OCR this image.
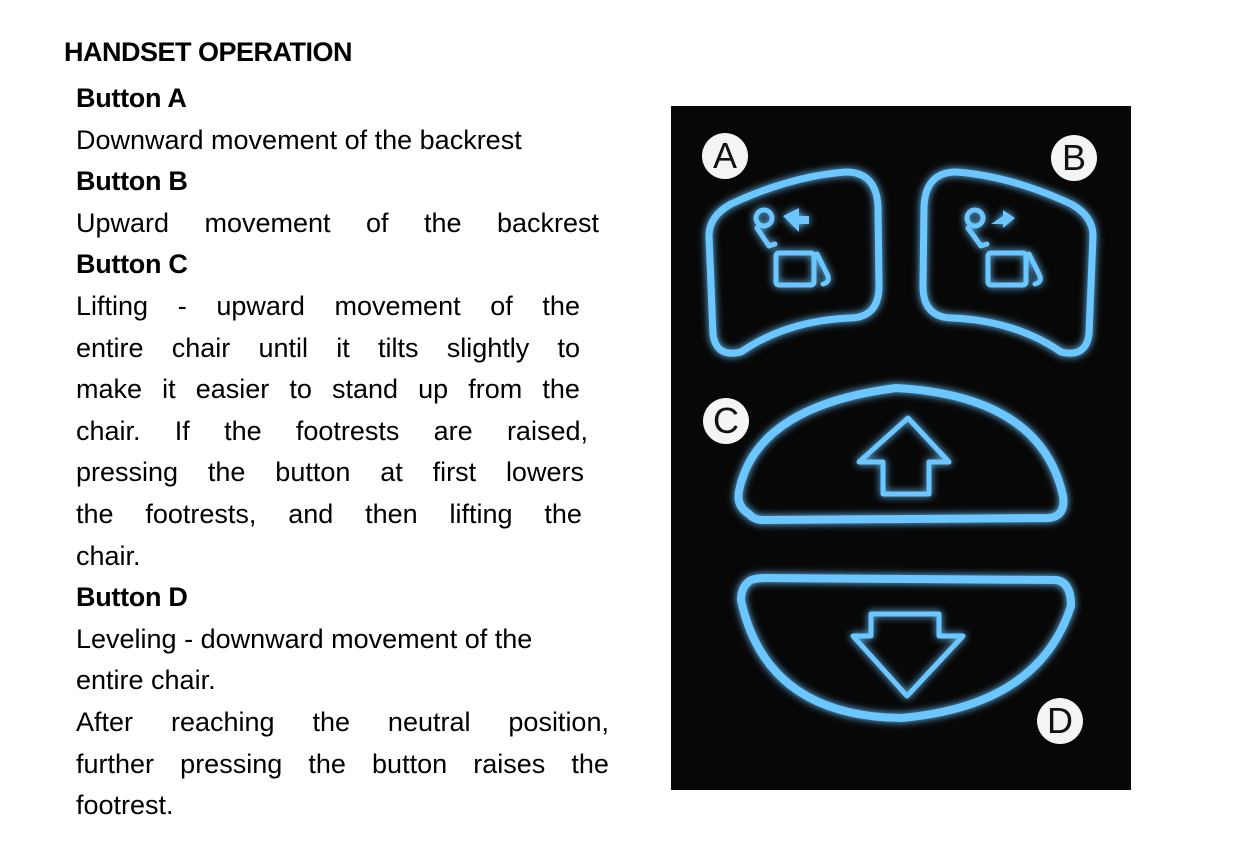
HANDSET OPERATION
Button A
Downward movement of the backrest
Button B
Upward movement of the backrest
Button C
Lifting - upward movement of the
entire chair until it tilts slightly to
make it easier to stand up from the
chair. If the footrests are raised,
pressing the button at first lowers
the footrests, and then lifting the
chair.
Button D
Leveling - downward movement of the
entire chair.
After reaching the neutral position,
further pressing the button raises the
footrest.
A	B
C
D
